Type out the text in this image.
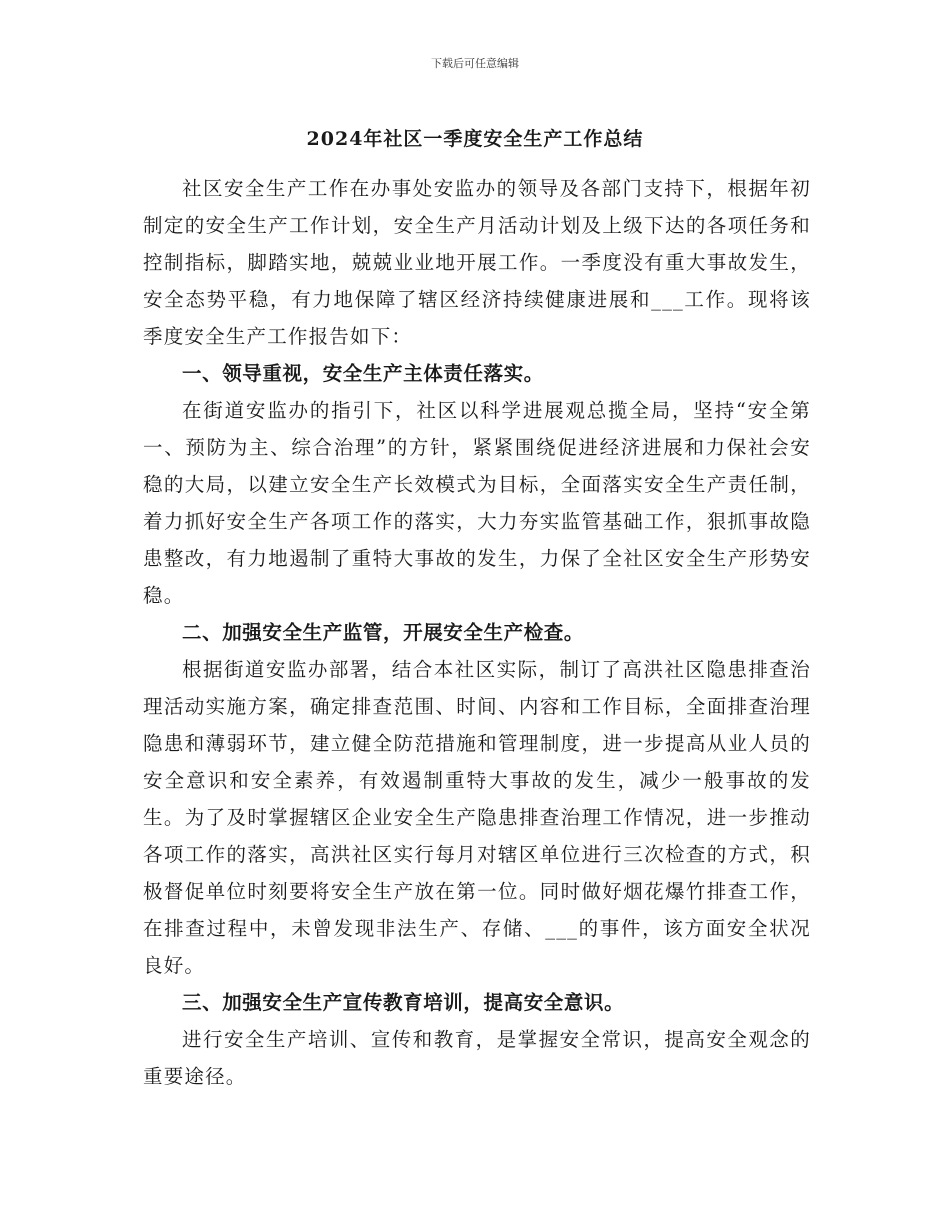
下载后可任意编辑
2024年社区一季度安全生产工作总结

社区安全生产工作在办事处安监办的领导及各部门支持下，根据年初制定的安全生产工作计划，安全生产月活动计划及上级下达的各项任务和控制指标，脚踏实地，兢兢业业地开展工作。一季度没有重大事故发生，安全态势平稳，有力地保障了辖区经济持续健康进展和___工作。现将该季度安全生产工作报告如下：

一、领导重视，安全生产主体责任落实。

在街道安监办的指引下，社区以科学进展观总揽全局，坚持“安全第一、预防为主、综合治理”的方针，紧紧围绕促进经济进展和力保社会安稳的大局，以建立安全生产长效模式为目标，全面落实安全生产责任制，着力抓好安全生产各项工作的落实，大力夯实监管基础工作，狠抓事故隐患整改，有力地遏制了重特大事故的发生，力保了全社区安全生产形势安稳。

二、加强安全生产监管，开展安全生产检查。

根据街道安监办部署，结合本社区实际，制订了高洪社区隐患排查治理活动实施方案，确定排查范围、时间、内容和工作目标，全面排查治理隐患和薄弱环节，建立健全防范措施和管理制度，进一步提高从业人员的安全意识和安全素养，有效遏制重特大事故的发生，减少一般事故的发生。为了及时掌握辖区企业安全生产隐患排查治理工作情况，进一步推动各项工作的落实，高洪社区实行每月对辖区单位进行三次检查的方式，积极督促单位时刻要将安全生产放在第一位。同时做好烟花爆竹排查工作，在排查过程中，未曾发现非法生产、存储、___的事件，该方面安全状况良好。

三、加强安全生产宣传教育培训，提高安全意识。

进行安全生产培训、宣传和教育，是掌握安全常识，提高安全观念的重要途径。
